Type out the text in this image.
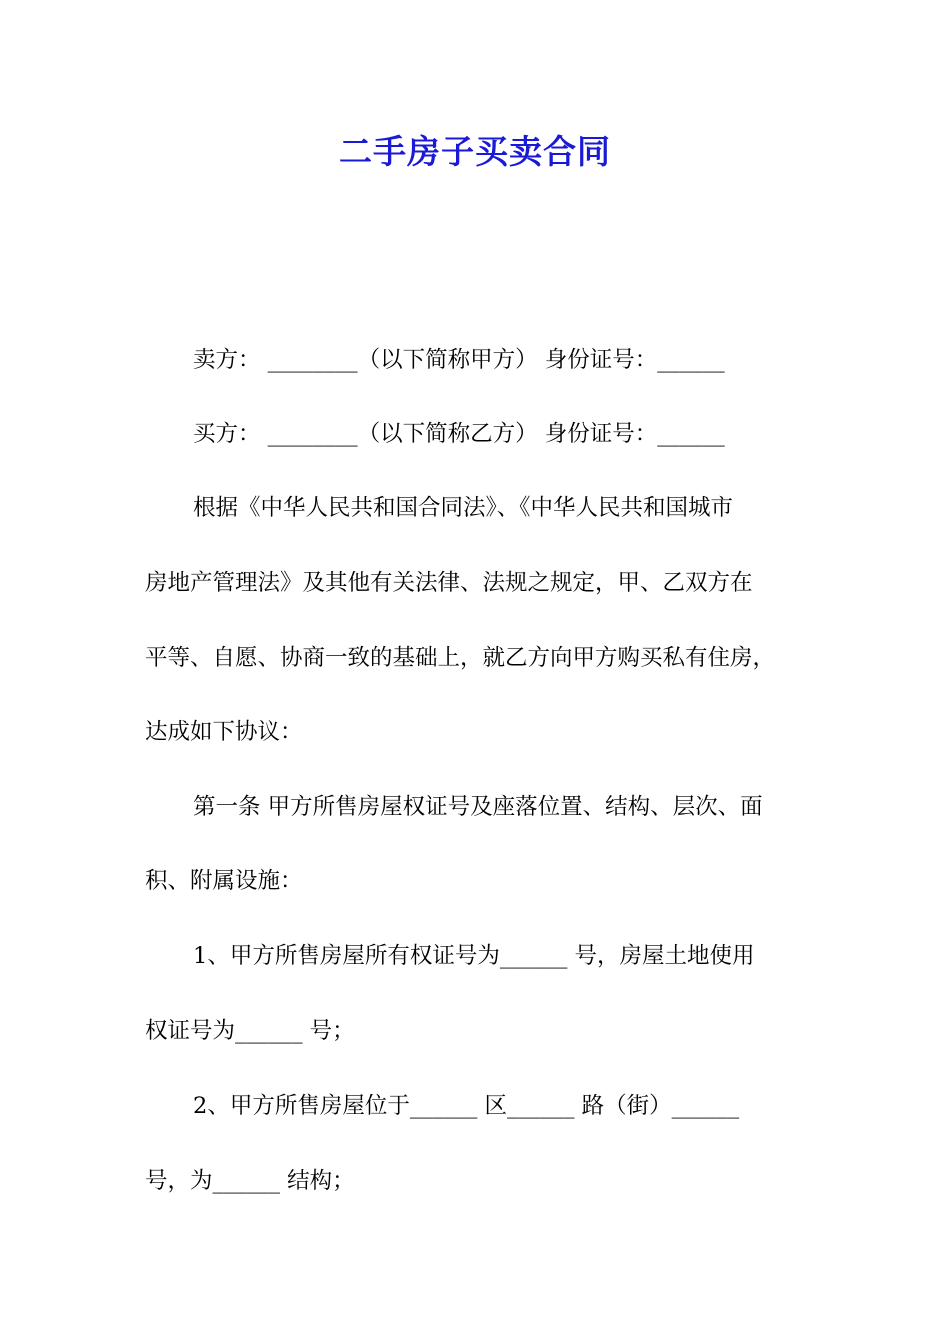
二手房子买卖合同
卖方： ________（以下简称甲方） 身份证号：______
买方： ________（以下简称乙方） 身份证号：______
根据《中华人民共和国合同法》、《中华人民共和国城市
房地产管理法》及其他有关法律、法规之规定，甲、乙双方在
平等、自愿、协商一致的基础上，就乙方向甲方购买私有住房，
达成如下协议：
第一条 甲方所售房屋权证号及座落位置、结构、层次、面
积、附属设施：
1、甲方所售房屋所有权证号为______ 号，房屋土地使用
权证号为______ 号；
2、甲方所售房屋位于______ 区______ 路（街）______
号，为______ 结构；
